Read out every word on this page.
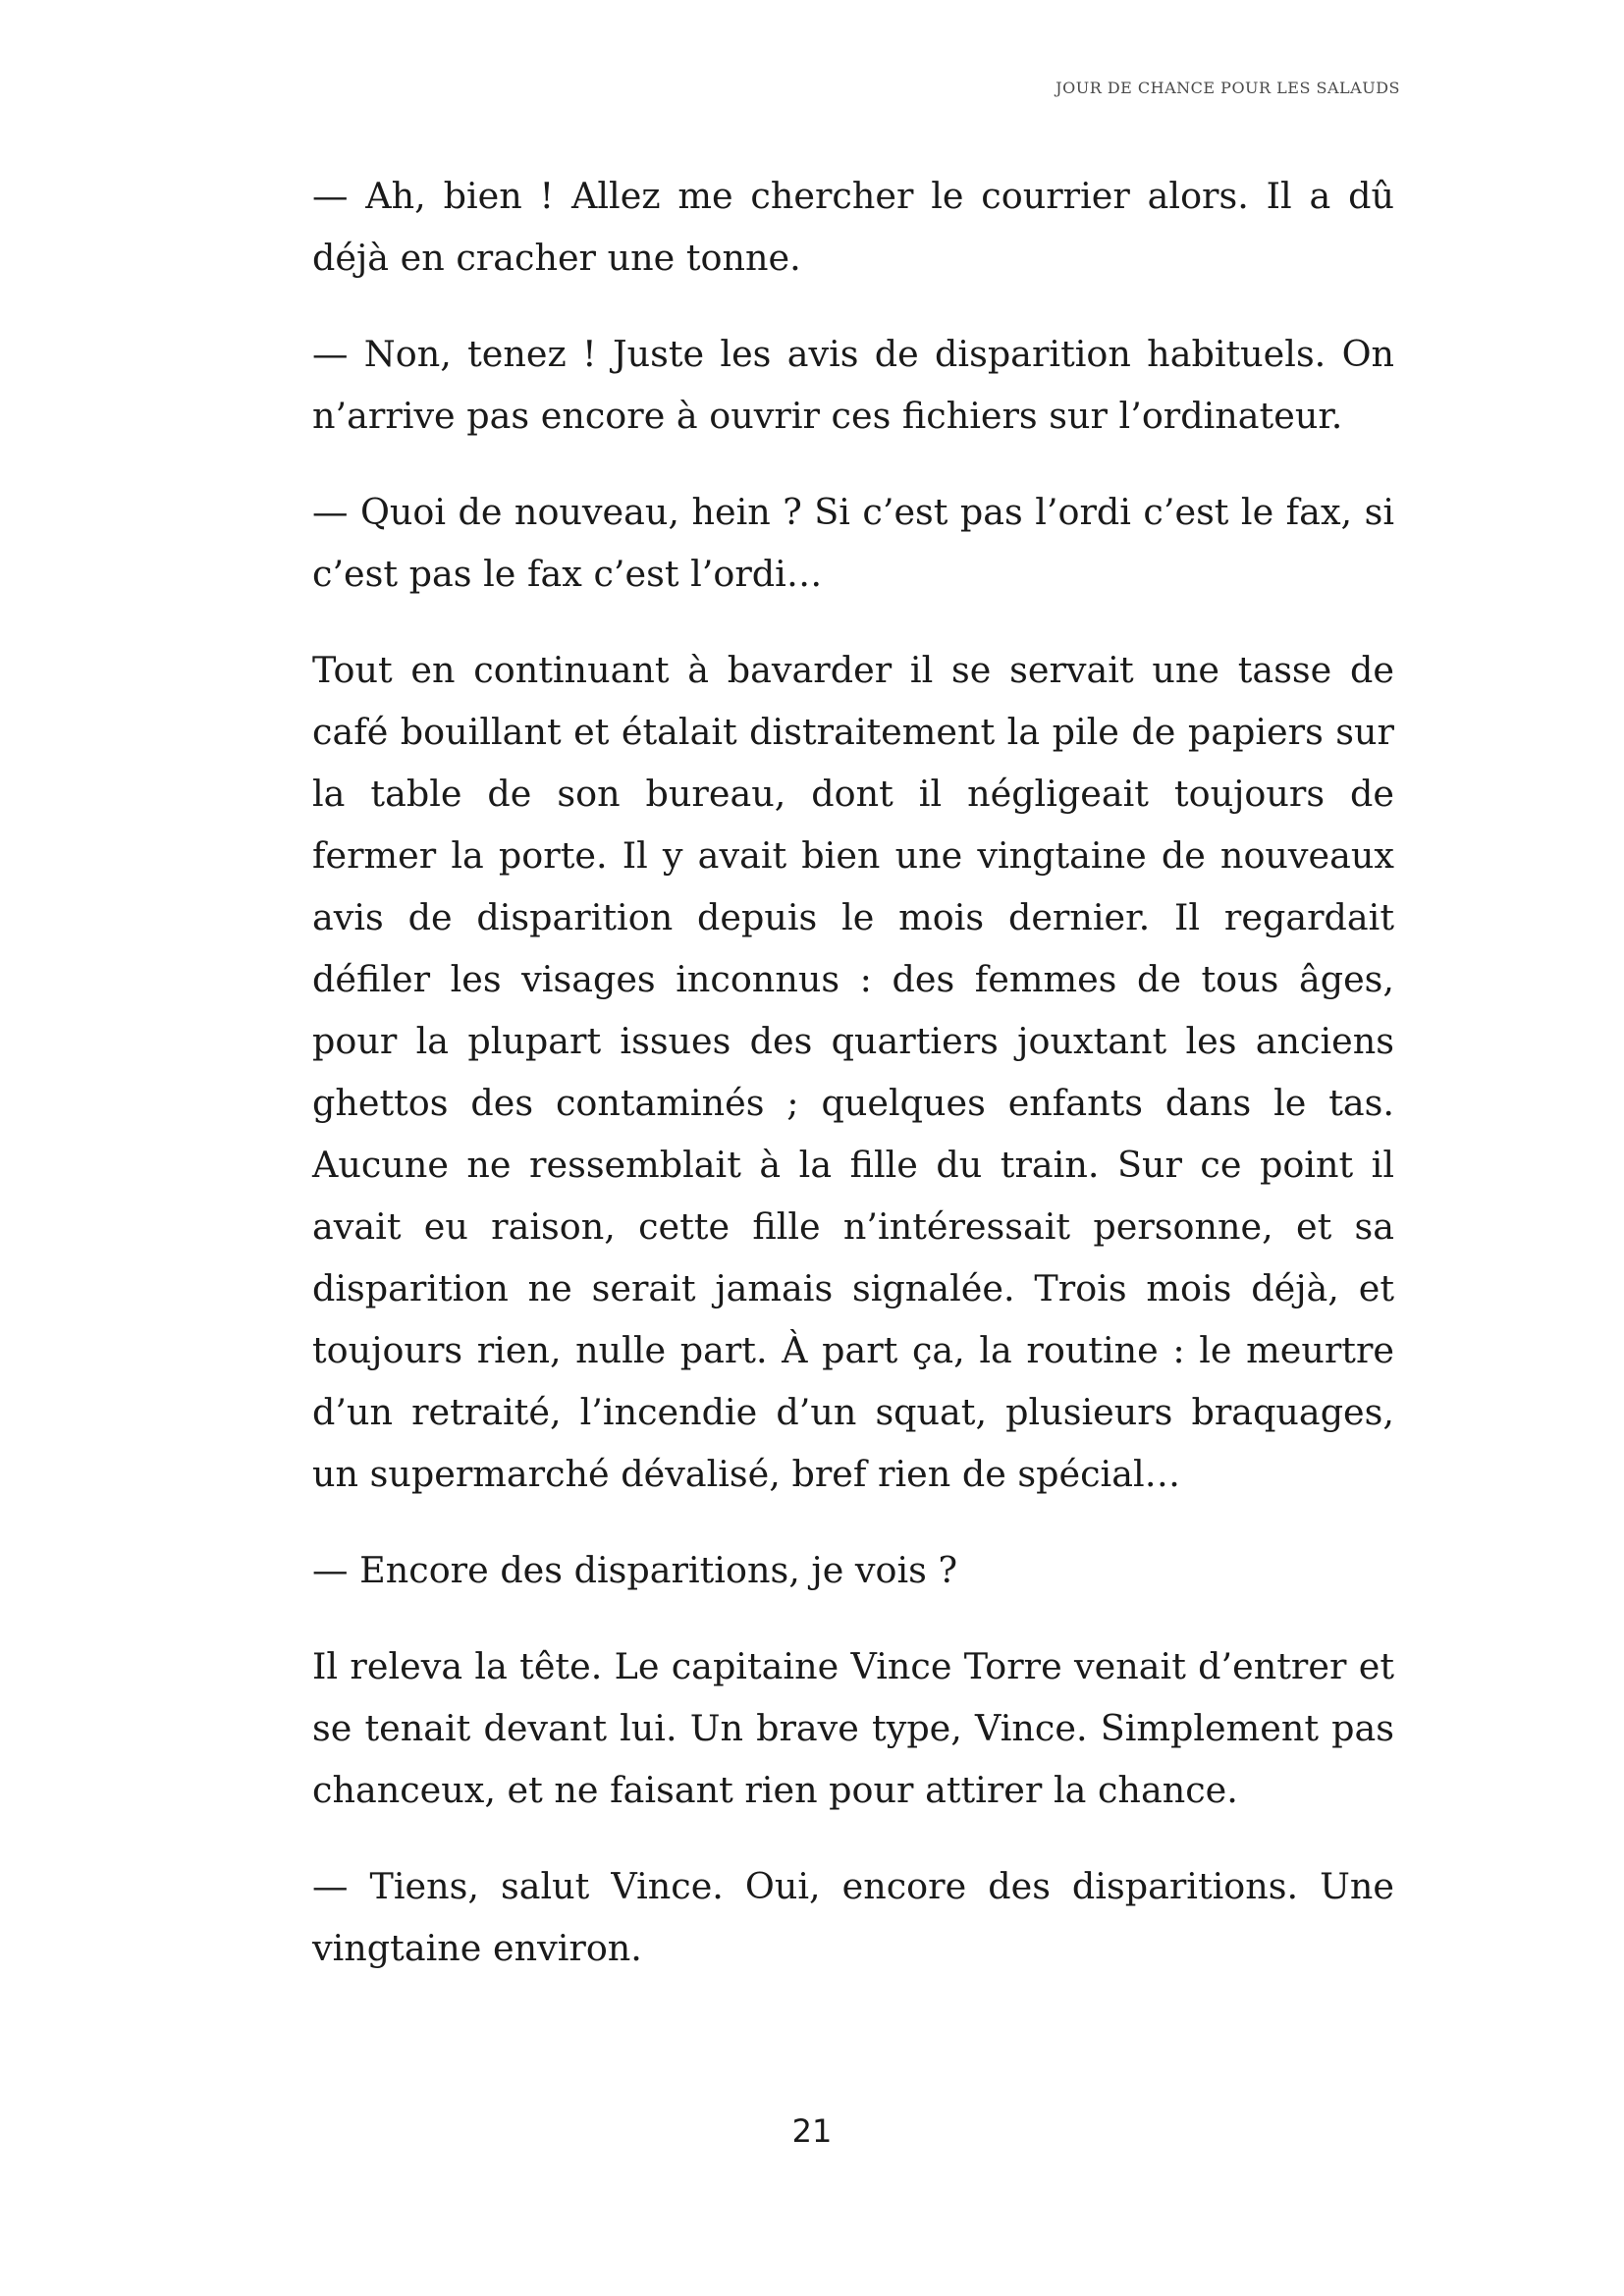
JOUR DE CHANCE POUR LES SALAUDS

— Ah, bien ! Allez me chercher le courrier alors. Il a dû déjà en cracher une tonne.

— Non, tenez ! Juste les avis de disparition habituels. On n’arrive pas encore à ouvrir ces fichiers sur l’ordinateur.

— Quoi de nouveau, hein ? Si c’est pas l’ordi c’est le fax, si c’est pas le fax c’est l’ordi…

Tout en continuant à bavarder il se servait une tasse de café bouillant et étalait distraitement la pile de papiers sur la table de son bureau, dont il négligeait toujours de fermer la porte. Il y avait bien une vingtaine de nouveaux avis de disparition depuis le mois dernier. Il regardait défiler les visages inconnus : des femmes de tous âges, pour la plupart issues des quartiers jouxtant les anciens ghettos des contaminés ; quelques enfants dans le tas. Aucune ne ressemblait à la fille du train. Sur ce point il avait eu raison, cette fille n’intéressait personne, et sa disparition ne serait jamais signalée. Trois mois déjà, et toujours rien, nulle part. À part ça, la routine : le meurtre d’un retraité, l’incendie d’un squat, plusieurs braquages, un supermarché dévalisé, bref rien de spécial…

— Encore des disparitions, je vois ?

Il releva la tête. Le capitaine Vince Torre venait d’entrer et se tenait devant lui. Un brave type, Vince. Simplement pas chanceux, et ne faisant rien pour attirer la chance.

— Tiens, salut Vince. Oui, encore des disparitions. Une vingtaine environ.

21
